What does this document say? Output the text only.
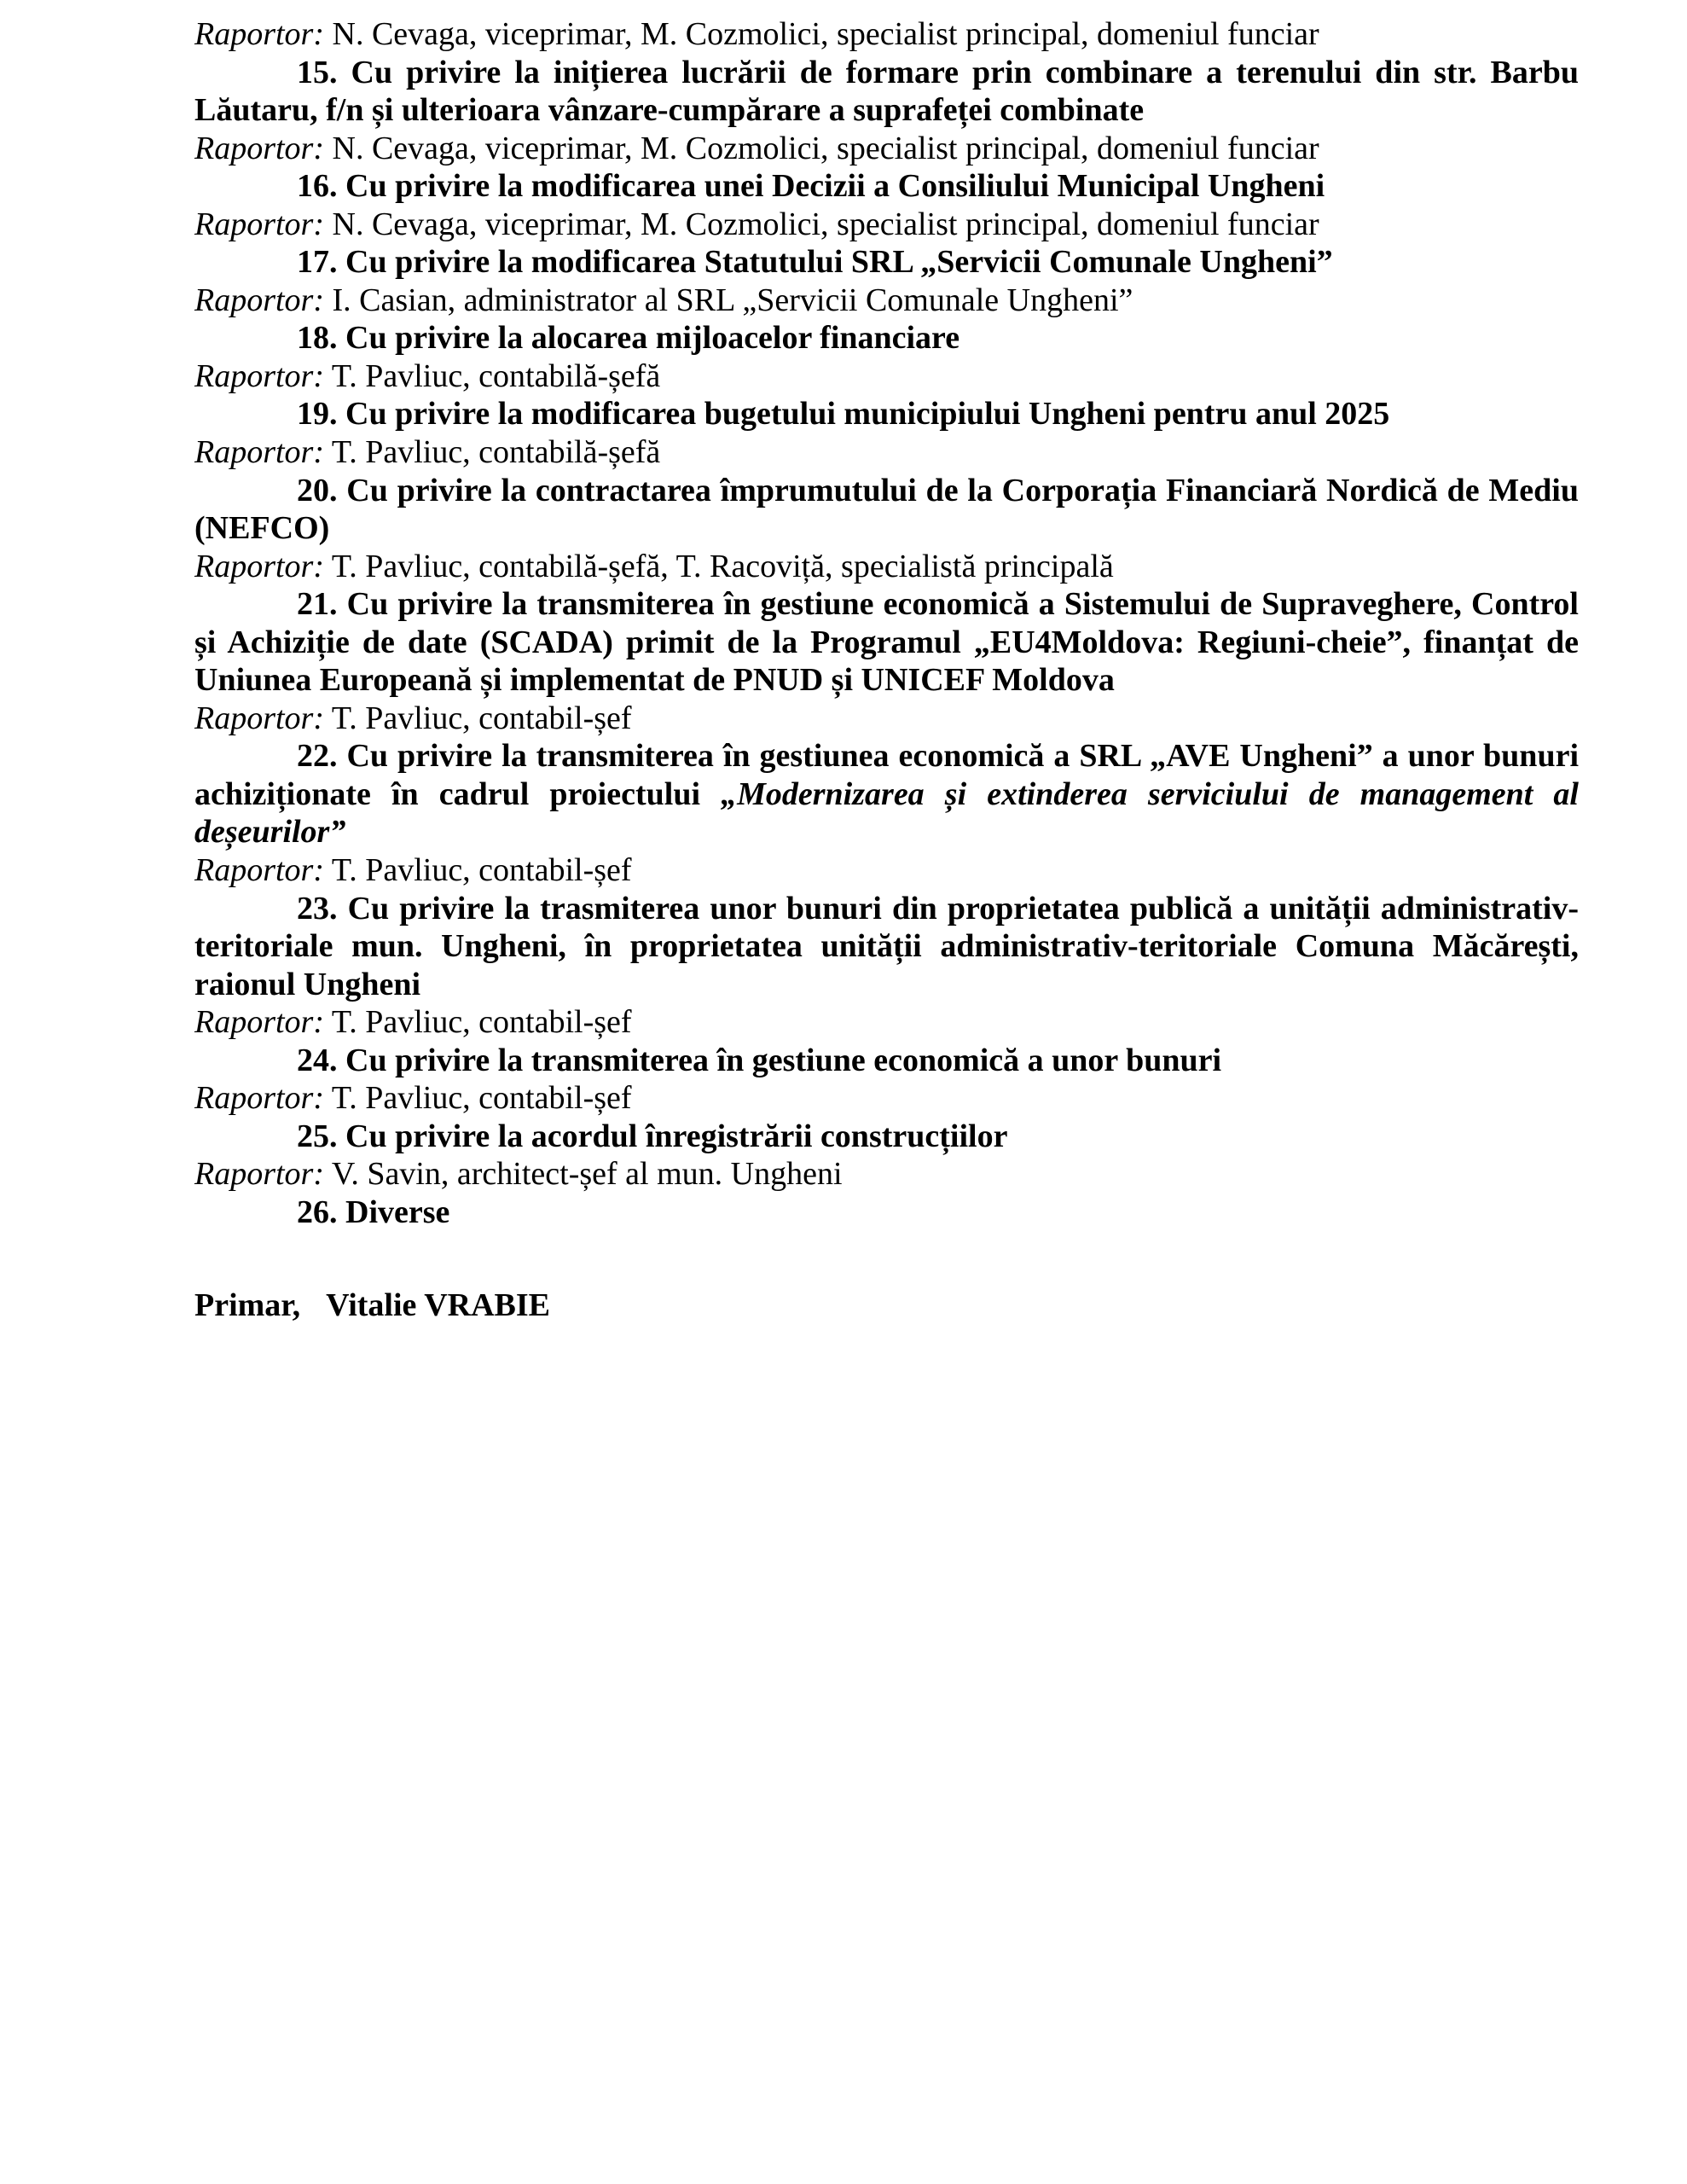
Raportor: N. Cevaga, viceprimar, M. Cozmolici, specialist principal, domeniul funciar

15. Cu privire la inițierea lucrării de formare prin combinare a terenului din str. Barbu Lăutaru, f/n și ulterioara vânzare-cumpărare a suprafeței combinate

Raportor: N. Cevaga, viceprimar, M. Cozmolici, specialist principal, domeniul funciar

16. Cu privire la modificarea unei Decizii a Consiliului Municipal Ungheni

Raportor: N. Cevaga, viceprimar, M. Cozmolici, specialist principal, domeniul funciar

17. Cu privire la modificarea Statutului SRL „Servicii Comunale Ungheni”

Raportor: I. Casian, administrator al SRL „Servicii Comunale Ungheni”

18. Cu privire la alocarea mijloacelor financiare

Raportor: T. Pavliuc, contabilă-șefă

19. Cu privire la modificarea bugetului municipiului Ungheni pentru anul 2025

Raportor: T. Pavliuc, contabilă-șefă

20. Cu privire la contractarea împrumutului de la Corporația Financiară Nordică de Mediu (NEFCO)

Raportor: T. Pavliuc, contabilă-șefă, T. Racoviță, specialistă principală

21. Cu privire la transmiterea în gestiune economică a Sistemului de Supraveghere, Control și Achiziție de date (SCADA) primit de la Programul „EU4Moldova: Regiuni-cheie”, finanțat de Uniunea Europeană și implementat de PNUD și UNICEF Moldova

Raportor: T. Pavliuc, contabil-șef

22. Cu privire la transmiterea în gestiunea economică a SRL „AVE Ungheni” a unor bunuri achiziționate în cadrul proiectului „Modernizarea și extinderea serviciului de management al deșeurilor”

Raportor: T. Pavliuc, contabil-șef

23. Cu privire la trasmiterea unor bunuri din proprietatea publică a unității administrativ-teritoriale mun. Ungheni, în proprietatea unității administrativ-teritoriale Comuna Măcărești, raionul Ungheni

Raportor: T. Pavliuc, contabil-șef

24. Cu privire la transmiterea în gestiune economică a unor bunuri

Raportor: T. Pavliuc, contabil-șef

25. Cu privire la acordul înregistrării construcțiilor

Raportor: V. Savin, architect-șef al mun. Ungheni

26. Diverse

Primar, Vitalie VRABIE
